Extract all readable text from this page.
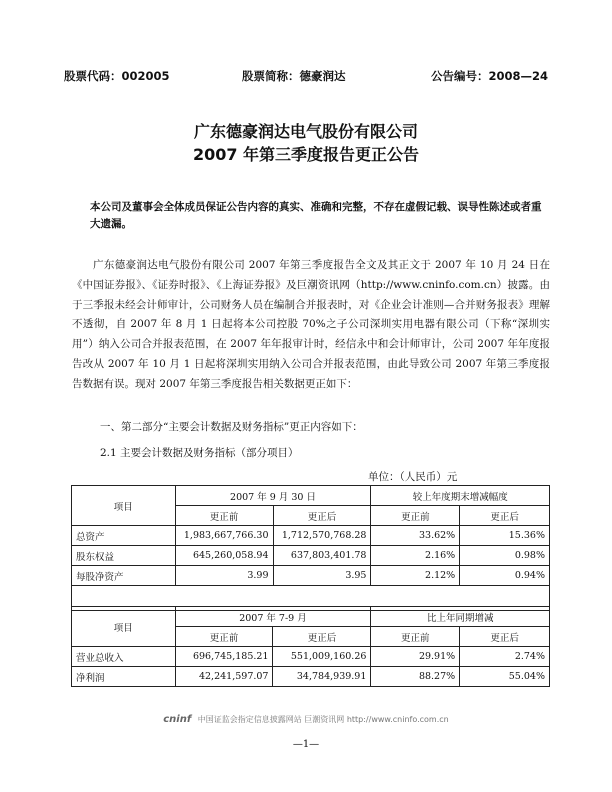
股票代码：002005	股票简称：德豪润达	公告编号：2008—24
广东德豪润达电气股份有限公司
2007 年第三季度报告更正公告
本公司及董事会全体成员保证公告内容的真实、准确和完整，不存在虚假记载、误导性陈述或者重大遗漏。
广东德豪润达电气股份有限公司 2007 年第三季度报告全文及其正文于 2007 年 10 月 24 日在《中国证券报》、《证券时报》、《上海证券报》及巨潮资讯网（http://www.cninfo.com.cn）披露。由于三季报未经会计师审计，公司财务人员在编制合并报表时，对《企业会计准则—合并财务报表》理解不透彻，自 2007 年 8 月 1 日起将本公司控股 70%之子公司深圳实用电器有限公司（下称“深圳实用”）纳入公司合并报表范围，在 2007 年年报审计时，经信永中和会计师审计，公司 2007 年年度报告改从 2007 年 10 月 1 日起将深圳实用纳入公司合并报表范围，由此导致公司 2007 年第三季度报告数据有误。现对 2007 年第三季度报告相关数据更正如下：
一、第二部分“主要会计数据及财务指标”更正内容如下：
2.1 主要会计数据及财务指标（部分项目）
单位：（人民币）元
项目	2007 年 9 月 30 日		较上年度期末增减幅度	
	更正前	更正后	更正前	更正后
总资产	1,983,667,766.30	1,712,570,768.28	33.62%	15.36%
股东权益	645,260,058.94	637,803,401.78	2.16%	0.98%
每股净资产	3.99	3.95	2.12%	0.94%

项目	2007 年 7-9 月		比上年同期增减	
	更正前	更正后	更正前	更正后
营业总收入	696,745,185.21	551,009,160.26	29.91%	2.74%
净利润	42,241,597.07	34,784,939.91	88.27%	55.04%
cninf 中国证监会指定信息披露网站 巨潮资讯网 http://www.cninfo.com.cn
—1—
